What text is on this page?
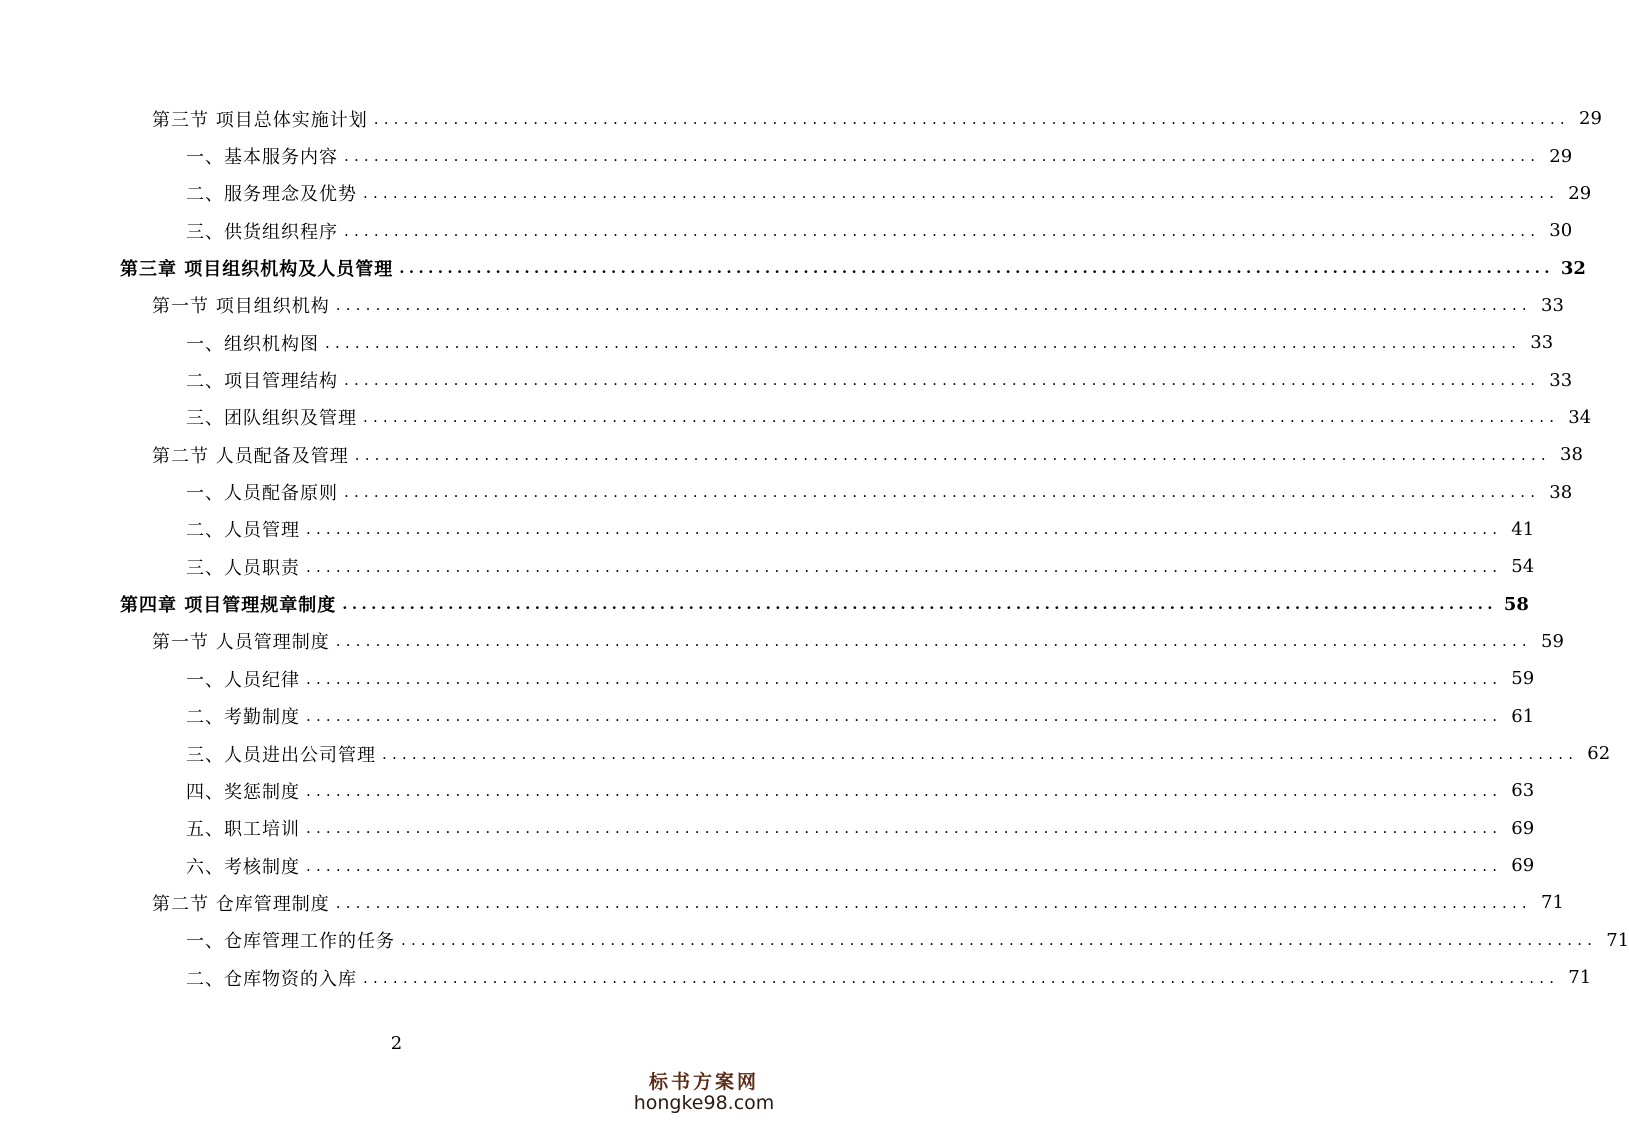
第三节 项目总体实施计划 ........................................................................................................................ 29
一、基本服务内容 ........................................................................................................................ 29
二、服务理念及优势 ........................................................................................................................ 29
三、供货组织程序 ........................................................................................................................ 30
第三章 项目组织机构及人员管理 ........................................................................................................................ 32
第一节 项目组织机构 ........................................................................................................................ 33
一、组织机构图 ........................................................................................................................ 33
二、项目管理结构 ........................................................................................................................ 33
三、团队组织及管理 ........................................................................................................................ 34
第二节 人员配备及管理 ........................................................................................................................ 38
一、人员配备原则 ........................................................................................................................ 38
二、人员管理 ........................................................................................................................ 41
三、人员职责 ........................................................................................................................ 54
第四章 项目管理规章制度 ........................................................................................................................ 58
第一节 人员管理制度 ........................................................................................................................ 59
一、人员纪律 ........................................................................................................................ 59
二、考勤制度 ........................................................................................................................ 61
三、人员进出公司管理 ........................................................................................................................ 62
四、奖惩制度 ........................................................................................................................ 63
五、职工培训 ........................................................................................................................ 69
六、考核制度 ........................................................................................................................ 69
第二节 仓库管理制度 ........................................................................................................................ 71
一、仓库管理工作的任务 ........................................................................................................................ 71
二、仓库物资的入库 ........................................................................................................................ 71
2
标书方案网
hongke98.com
